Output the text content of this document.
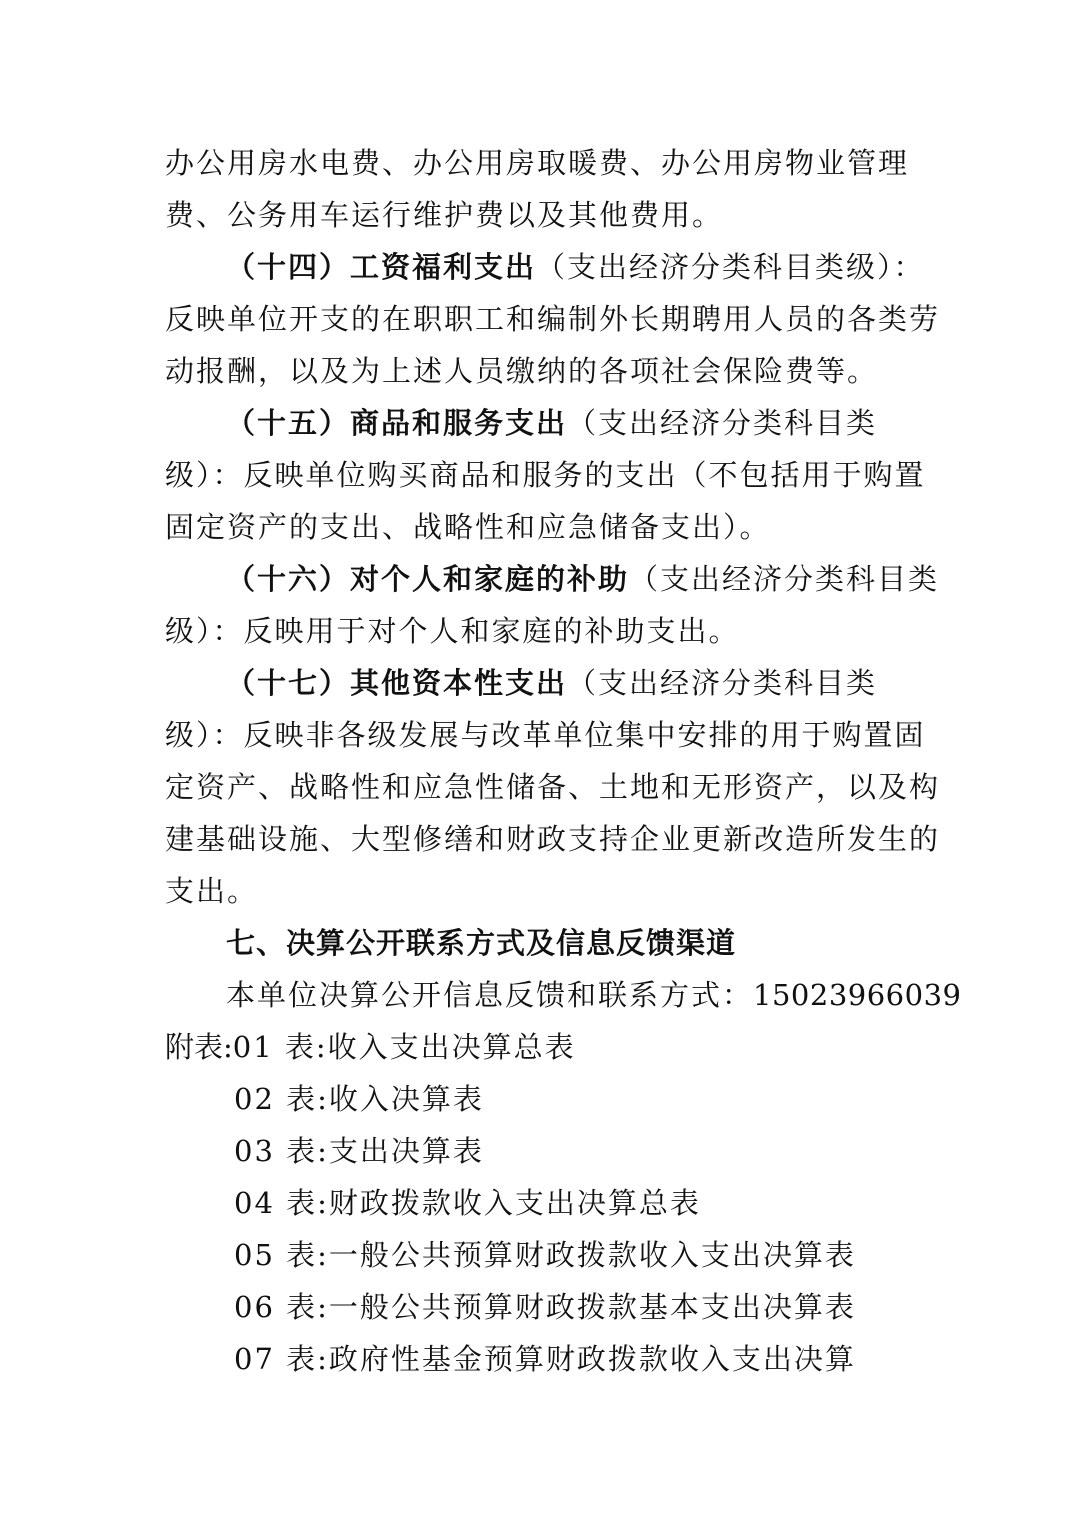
办公用房水电费、办公用房取暖费、办公用房物业管理
费、公务用车运行维护费以及其他费用。
（十四）工资福利支出（支出经济分类科目类级）：
反映单位开支的在职职工和编制外长期聘用人员的各类劳
动报酬，以及为上述人员缴纳的各项社会保险费等。
（十五）商品和服务支出（支出经济分类科目类
级）：反映单位购买商品和服务的支出（不包括用于购置
固定资产的支出、战略性和应急储备支出）。
（十六）对个人和家庭的补助（支出经济分类科目类
级）：反映用于对个人和家庭的补助支出。
（十七）其他资本性支出（支出经济分类科目类
级）：反映非各级发展与改革单位集中安排的用于购置固
定资产、战略性和应急性储备、土地和无形资产，以及构
建基础设施、大型修缮和财政支持企业更新改造所发生的
支出。
七、决算公开联系方式及信息反馈渠道
本单位决算公开信息反馈和联系方式：15023966039
附表:01 表:收入支出决算总表
02 表:收入决算表
03 表:支出决算表
04 表:财政拨款收入支出决算总表
05 表:一般公共预算财政拨款收入支出决算表
06 表:一般公共预算财政拨款基本支出决算表
07 表:政府性基金预算财政拨款收入支出决算
